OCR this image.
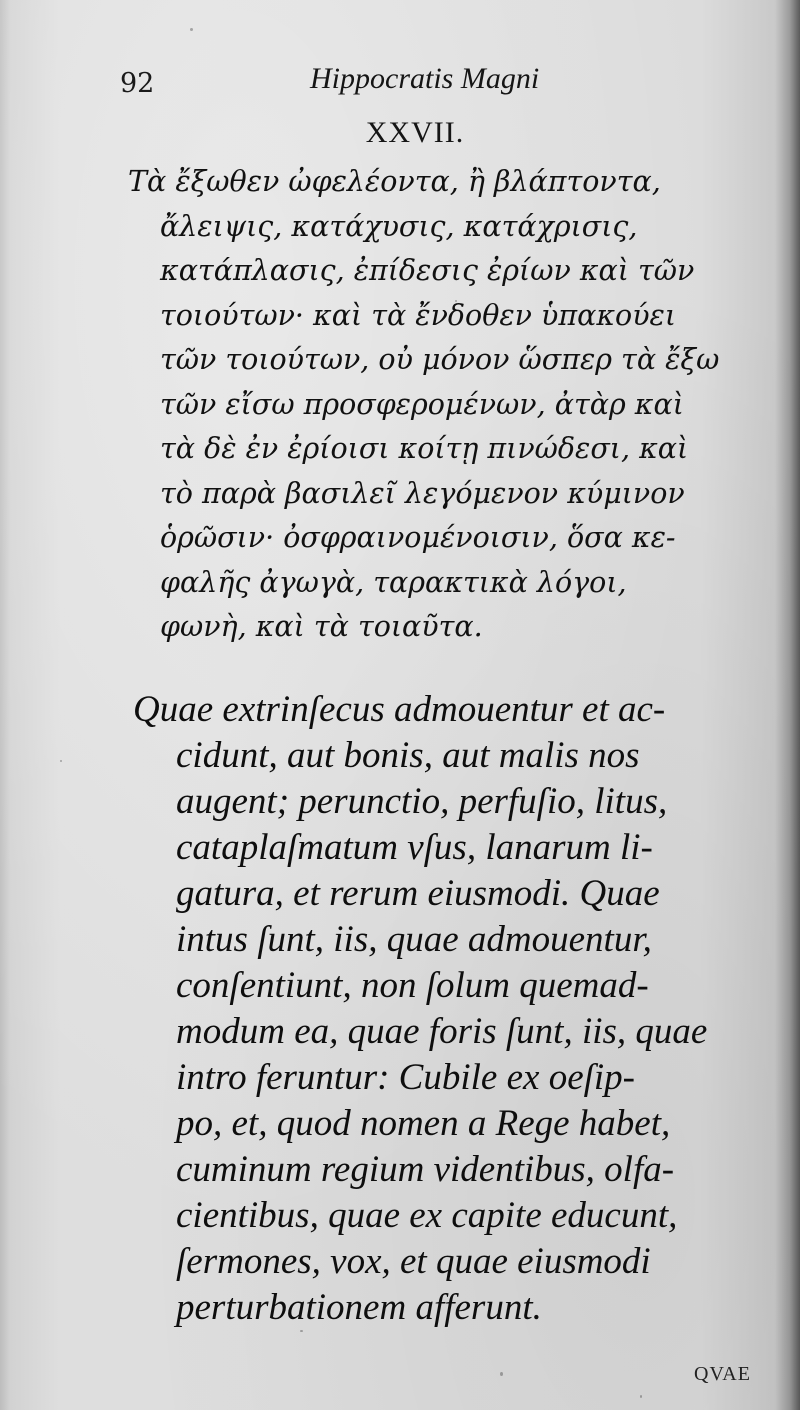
92	Hippocratis Magni
XXVII.
Τὰ ἔξωθεν ὠφελέοντα, ἢ βλάπτοντα,
ἄλειψις, κατάχυσις, κατάχρισις,
κατάπλασις, ἐπίδεσις ἐρίων καὶ τῶν
τοιούτων· καὶ τὰ ἔνδοθεν ὑπακούει
τῶν τοιούτων, οὐ μόνον ὥσπερ τὰ ἔξω
τῶν εἴσω προσφερομένων, ἀτὰρ καὶ
τὰ δὲ ἐν ἐρίοισι κοίτῃ πινώδεσι, καὶ
τὸ παρὰ βασιλεῖ λεγόμενον κύμινον
ὁρῶσιν· ὀσφραινομένοισιν, ὅσα κε-
φαλῆς ἀγωγὰ, ταρακτικὰ λόγοι,
φωνὴ, καὶ τὰ τοιαῦτα.
Quae extrinſecus admouentur et ac-
cidunt, aut bonis, aut malis nos
augent; perunctio, perfuſio, litus,
cataplaſmatum vſus, lanarum li-
gatura, et rerum eiusmodi. Quae
intus ſunt, iis, quae admouentur,
conſentiunt, non ſolum quemad-
modum ea, quae foris ſunt, iis, quae
intro feruntur: Cubile ex oeſip-
po, et, quod nomen a Rege habet,
cuminum regium videntibus, olfa-
cientibus, quae ex capite educunt,
ſermones, vox, et quae eiusmodi
perturbationem afferunt.
QVAE
